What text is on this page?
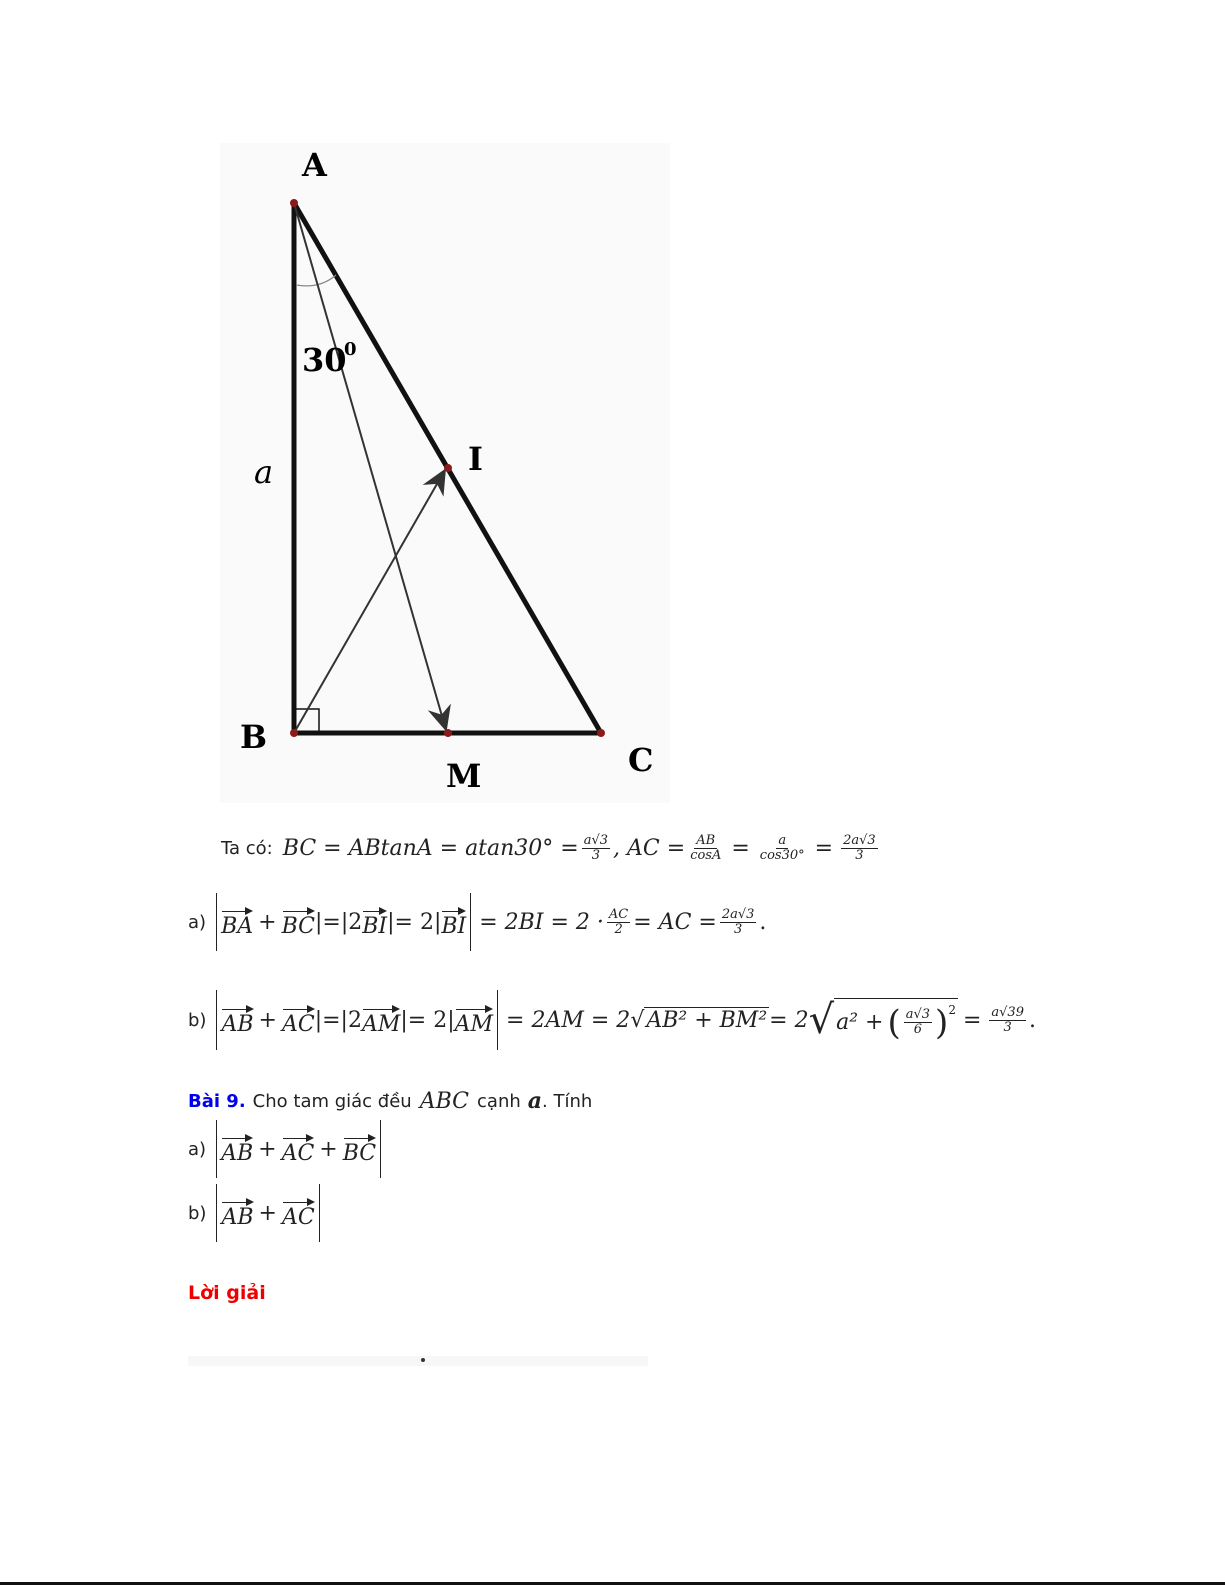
A
B
C
I
M
a
30
0
Ta có: BC = $ABtanA = atan30^\circ = \frac{a√3}{3}$ , AC = $\frac{AB}{\cos A} = \frac{a}{\cos 30^\circ} = \frac{2a√3}{3}$
a) BA + BC |=|2 BI |= 2| BI = $2BI = 2 \cdot \frac{AC}{2}$ = AC = $\frac{2a√3}{3}$ .
b) AB + AC |=|2 AM |= 2| AM = 2AM = 2 √ AB² + BM² = 2 √ a² + ( $\frac{a√3}{6} )^2 = \frac{a√39}{3}$ .
Bài 9. Cho tam giác đều ABC cạnh a . Tính
a) AB + AC + BC
b) AB + AC
Lời giải
